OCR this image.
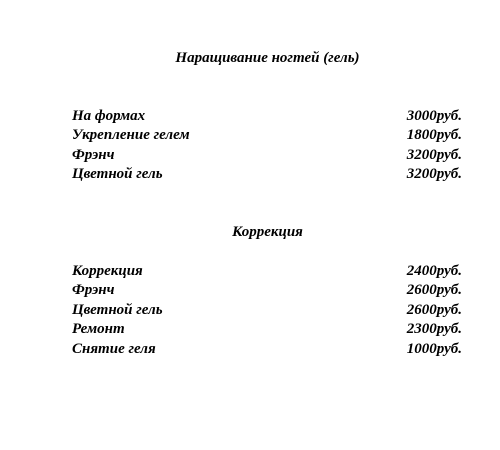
Наращивание ногтей (гель)
На формах	3000руб.
Укрепление гелем	1800руб.
Фрэнч	3200руб.
Цветной гель	3200руб.
Коррекция
Коррекция	2400руб.
Фрэнч	2600руб.
Цветной гель	2600руб.
Ремонт	2300руб.
Снятие геля	1000руб.
